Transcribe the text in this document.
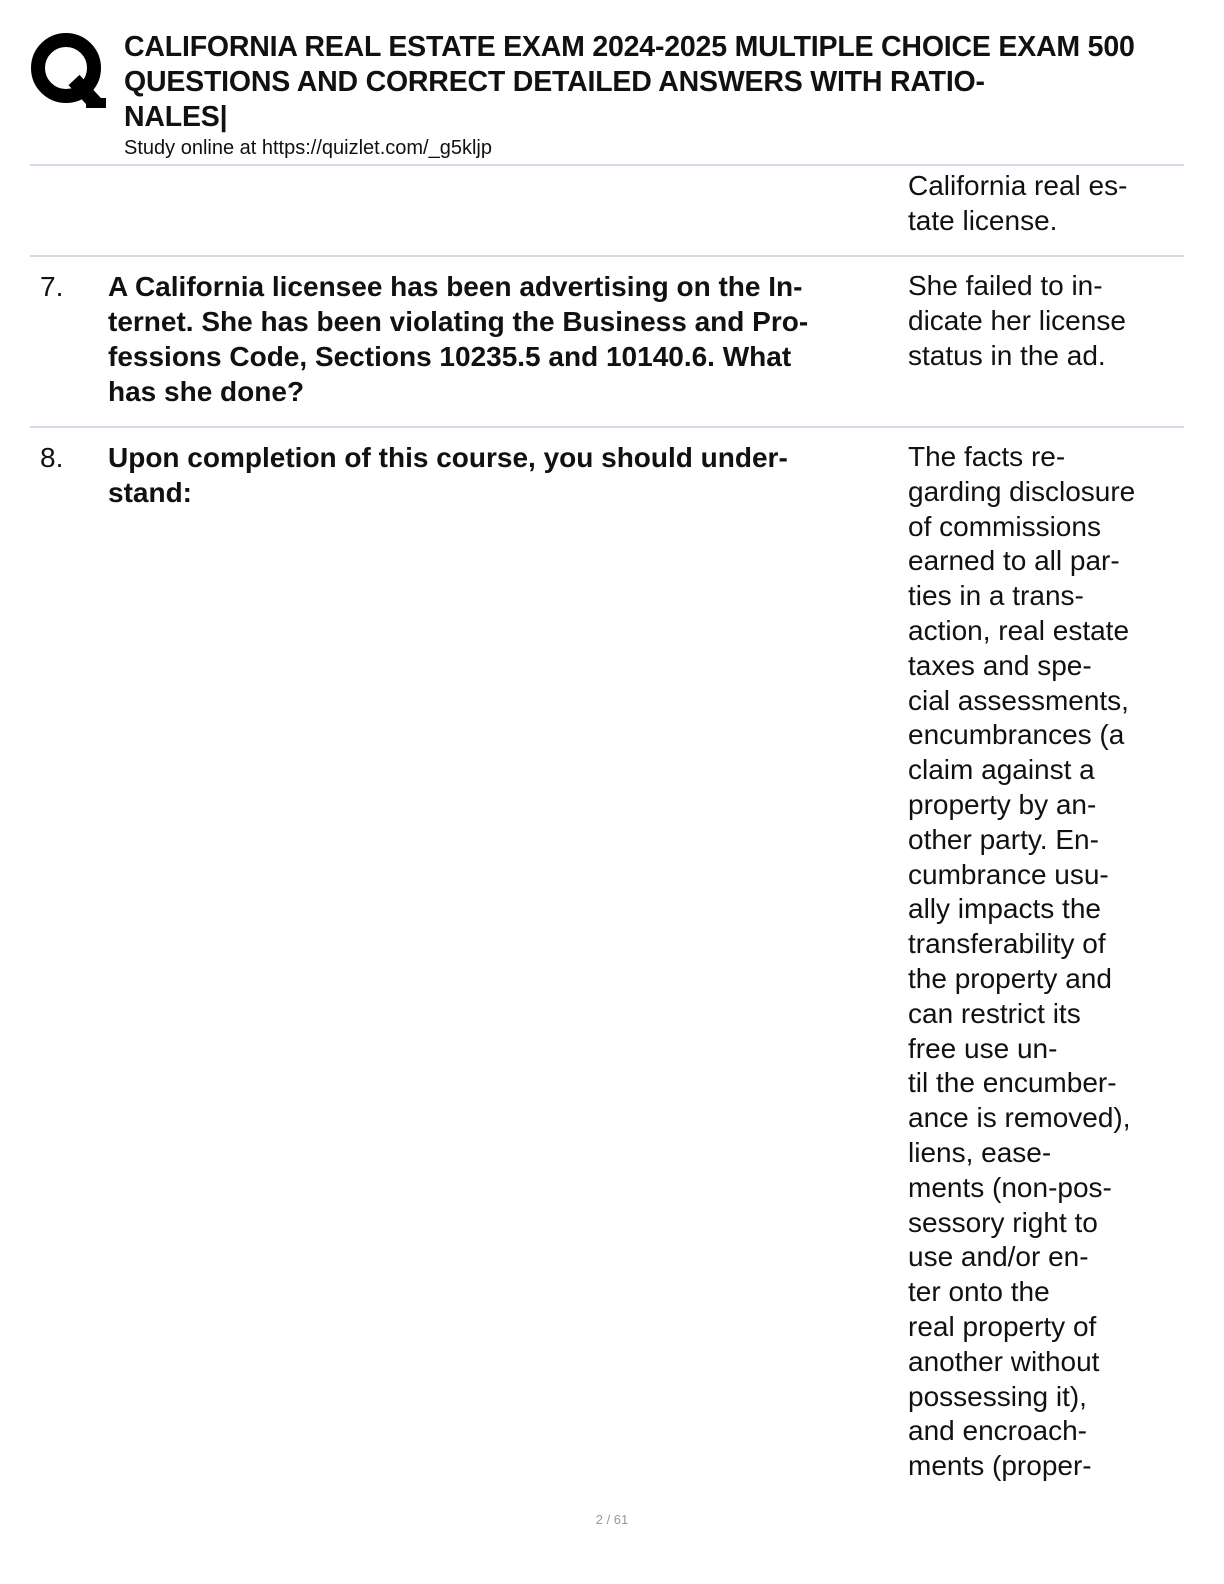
CALIFORNIA REAL ESTATE EXAM 2024-2025 MULTIPLE CHOICE EXAM 500 QUESTIONS AND CORRECT DETAILED ANSWERS WITH RATIO-
NALES|
Study online at https://quizlet.com/_g5kljp

California real es-
tate license.

7. A California licensee has been advertising on the In-
ternet. She has been violating the Business and Pro-
fessions Code, Sections 10235.5 and 10140.6. What
has she done?

She failed to in-
dicate her license
status in the ad.

8. Upon completion of this course, you should under-
stand:

The facts re-
garding disclosure
of commissions
earned to all par-
ties in a trans-
action, real estate
taxes and spe-
cial assessments,
encumbrances (a
claim against a
property by an-
other party. En-
cumbrance usu-
ally impacts the
transferability of
the property and
can restrict its
free use un-
til the encumber-
ance is removed),
liens, ease-
ments (non-pos-
sessory right to
use and/or en-
ter onto the
real property of
another without
possessing it),
and encroach-
ments (proper-

2 / 61
